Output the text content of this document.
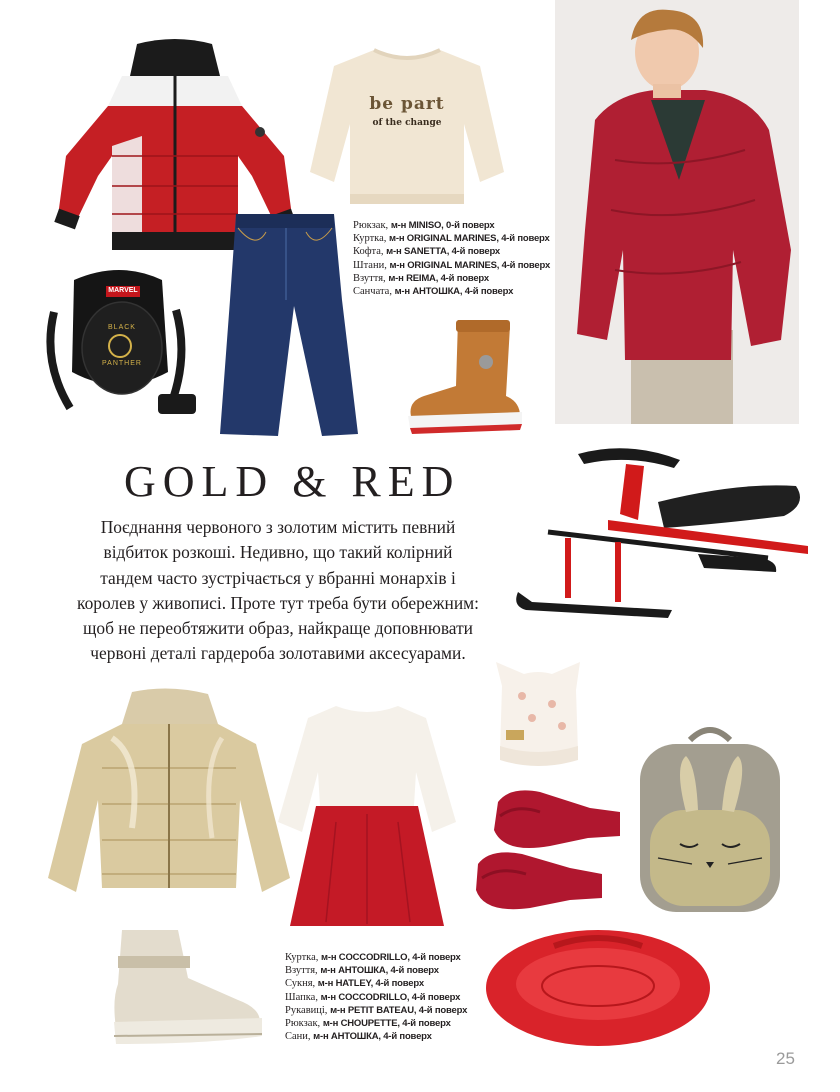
be part
of the change
MARVEL
BLACK
PANTHER
Рюкзак, м-н MINISO, 0-й поверх
Куртка, м-н ORIGINAL MARINES, 4-й поверх
Кофта, м-н SANETTA, 4-й поверх
Штани, м-н ORIGINAL MARINES, 4-й поверх
Взуття, м-н REIMA, 4-й поверх
Санчата, м-н АНТОШКА, 4-й поверх
GOLD & RED
Поєднання червоного з золотим містить певний
відбиток розкоші. Недивно, що такий колірний
тандем часто зустрічається у вбранні монархів і
королев у живописі. Проте тут треба бути обережним:
щоб не переобтяжити образ, найкраще доповнювати
червоні деталі гардероба золотавими аксесуарами.
Куртка, м-н COCCODRILLO, 4-й поверх
Взуття, м-н АНТОШКА, 4-й поверх
Сукня, м-н HATLEY, 4-й поверх
Шапка, м-н COCCODRILLO, 4-й поверх
Рукавиці, м-н PETIT BATEAU, 4-й поверх
Рюкзак, м-н CHOUPETTE, 4-й поверх
Сани, м-н АНТОШКА, 4-й поверх
25
